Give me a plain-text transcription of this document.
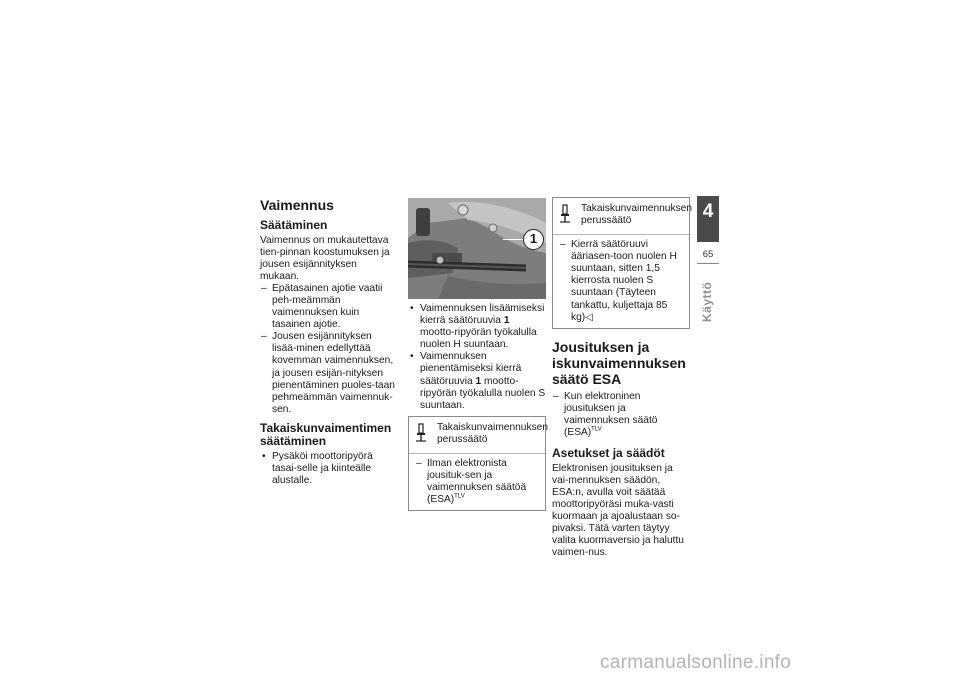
Vaimennus
Säätäminen

Vaimennus on mukautettava tien-pinnan koostumuksen ja jousen esijännityksen mukaan.

– Epätasainen ajotie vaatii peh-meämmän vaimennuksen kuin tasainen ajotie.

– Jousen esijännityksen lisää-minen edellyttää kovemman vaimennuksen, ja jousen esijän-nityksen pienentäminen puoles-taan pehmeämmän vaimennuk-sen.

Takaiskunvaimentimen
säätäminen

• Pysäköi moottoripyörä tasai-selle ja kiinteälle alustalle.

1

• Vaimennuksen lisäämiseksi kierrä säätöruuvia 1 mootto-ripyörän työkalulla nuolen H suuntaan.

• Vaimennuksen pienentämiseksi kierrä säätöruuvia 1 mootto-ripyörän työkalulla nuolen S suuntaan.

Takaiskunvaimennuksen perussäätö

– Ilman elektronista jousituk-sen ja vaimennuksen säätöä (ESA)$^{TLV}$

Takaiskunvaimennuksen perussäätö

– Kierrä säätöruuvi ääriasen-toon nuolen H suuntaan, sitten 1,5 kierrosta nuolen S suuntaan (Täyteen tankattu, kuljettaja 85 kg)◁

Jousituksen ja
iskunvaimennuksen
säätö ESA

– Kun elektroninen jousituksen ja vaimennuksen säätö (ESA)$^{TLV}$

Asetukset ja säädöt

Elektronisen jousituksen ja vai-mennuksen säädön, ESA:n, avulla voit säätää moottoripyöräsi muka-vasti kuormaan ja ajoalustaan so-pivaksi. Tätä varten täytyy valita kuormaversio ja haluttu vaimen-nus.

4
65
Käyttö
carmanualsonline.info
